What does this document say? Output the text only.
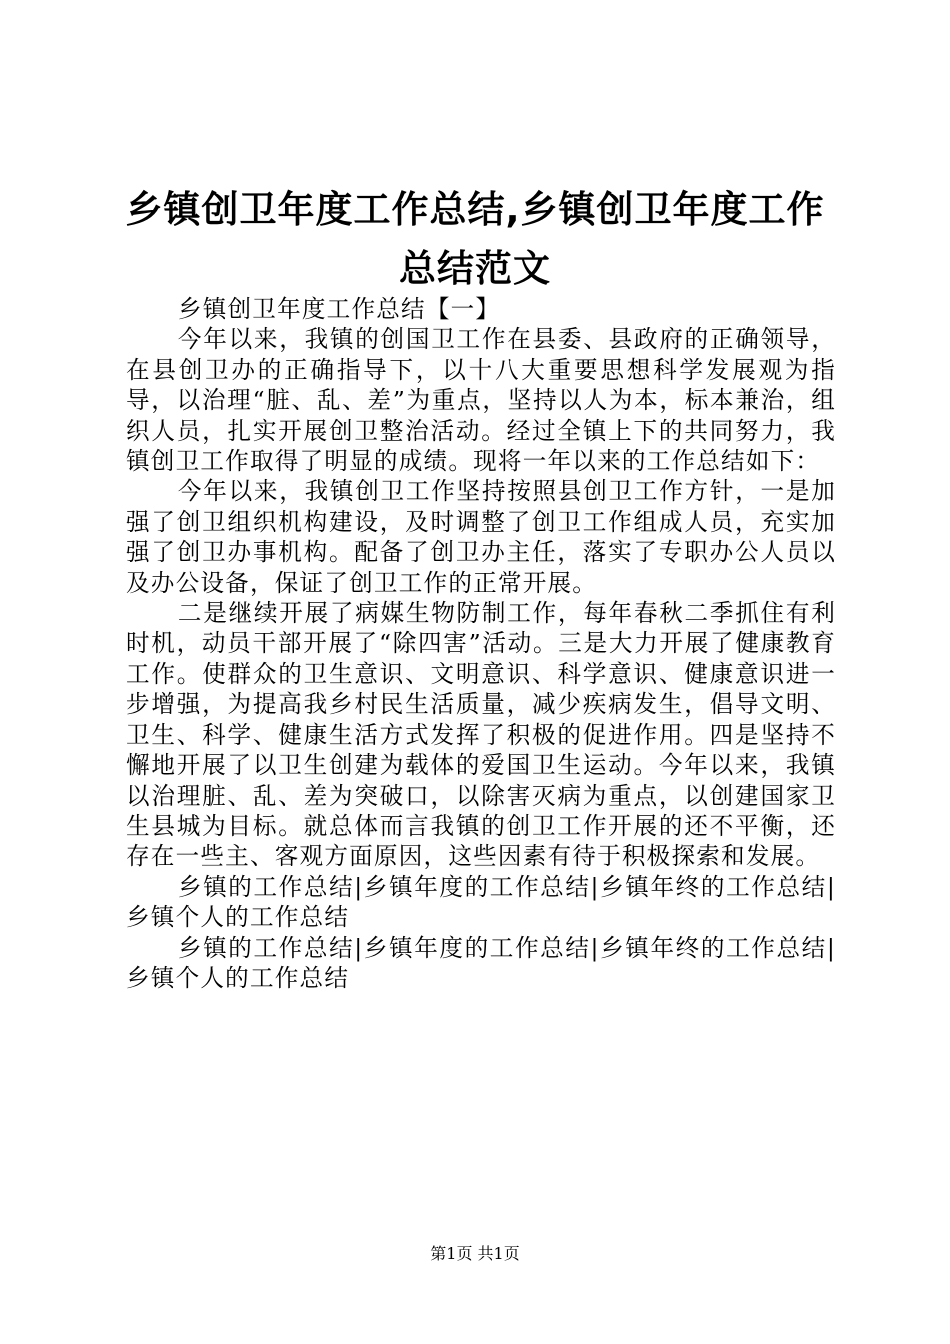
乡镇创卫年度工作总结,乡镇创卫年度工作总结范文

乡镇创卫年度工作总结【一】

今年以来，我镇的创国卫工作在县委、县政府的正确领导，在县创卫办的正确指导下，以十八大重要思想科学发展观为指导，以治理“脏、乱、差”为重点，坚持以人为本，标本兼治，组织人员，扎实开展创卫整治活动。经过全镇上下的共同努力，我镇创卫工作取得了明显的成绩。现将一年以来的工作总结如下：

今年以来，我镇创卫工作坚持按照县创卫工作方针，一是加强了创卫组织机构建设，及时调整了创卫工作组成人员，充实加强了创卫办事机构。配备了创卫办主任，落实了专职办公人员以及办公设备，保证了创卫工作的正常开展。

二是继续开展了病媒生物防制工作，每年春秋二季抓住有利时机，动员干部开展了“除四害”活动。三是大力开展了健康教育工作。使群众的卫生意识、文明意识、科学意识、健康意识进一步增强，为提高我乡村民生活质量，减少疾病发生，倡导文明、卫生、科学、健康生活方式发挥了积极的促进作用。四是坚持不懈地开展了以卫生创建为载体的爱国卫生运动。今年以来，我镇以治理脏、乱、差为突破口，以除害灭病为重点，以创建国家卫生县城为目标。就总体而言我镇的创卫工作开展的还不平衡，还存在一些主、客观方面原因，这些因素有待于积极探索和发展。

乡镇的工作总结|乡镇年度的工作总结|乡镇年终的工作总结|乡镇个人的工作总结

乡镇的工作总结|乡镇年度的工作总结|乡镇年终的工作总结|乡镇个人的工作总结

第1页 共1页
